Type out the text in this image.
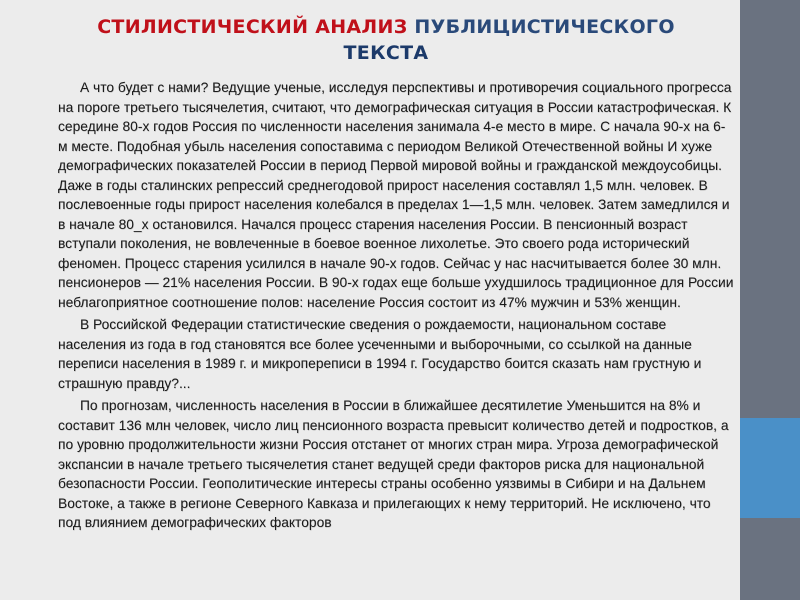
СТИЛИСТИЧЕСКИЙ АНАЛИЗ ПУБЛИЦИСТИЧЕСКОГО
ТЕКСТА

А что будет с нами? Ведущие ученые, исследуя перспективы и противоречия социального прогресса на пороге третьего тысячелетия, считают, что демографическая ситуация в России катастрофическая. К середине 80-х годов Россия по численности населения занимала 4-е место в мире. С начала 90-х на 6-м месте. Подобная убыль населения сопоставима с периодом Великой Отечественной войны И хуже демографических показателей России в период Первой мировой войны и гражданской междоусобицы. Даже в годы сталинских репрессий среднегодовой прирост населения составлял 1,5 млн. человек. В послевоенные годы прирост населения колебался в пределах 1—1,5 млн. человек. Затем замедлился и в начале 80_х остановился. Начался процесс старения населения России. В пенсионный возраст вступали поколения, не вовлеченные в боевое военное лихолетье. Это своего рода исторический феномен. Процесс старения усилился в начале 90-х годов. Сейчас у нас насчитывается более 30 млн. пенсионеров — 21% населения России. В 90-х годах еще больше ухудшилось традиционное для России неблагоприятное соотношение полов: население Россия состоит из 47% мужчин и 53% женщин.

В Российской Федерации статистические сведения о рождаемости, национальном составе населения из года в год становятся все более усеченными и выборочными, со ссылкой на данные переписи населения в 1989 г. и микропереписи в 1994 г. Государство боится сказать нам грустную и страшную правду?...

По прогнозам, численность населения в России в ближайшее десятилетие Уменьшится на 8% и составит 136 млн человек, число лиц пенсионного возраста превысит количество детей и подростков, а по уровню продолжительности жизни Россия отстанет от многих стран мира. Угроза демографической экспансии в начале третьего тысячелетия станет ведущей среди факторов риска для национальной безопасности России. Геополитические интересы страны особенно уязвимы в Сибири и на Дальнем Востоке, а также в регионе Северного Кавказа и прилегающих к нему территорий. Не исключено, что под влиянием демографических факторов
